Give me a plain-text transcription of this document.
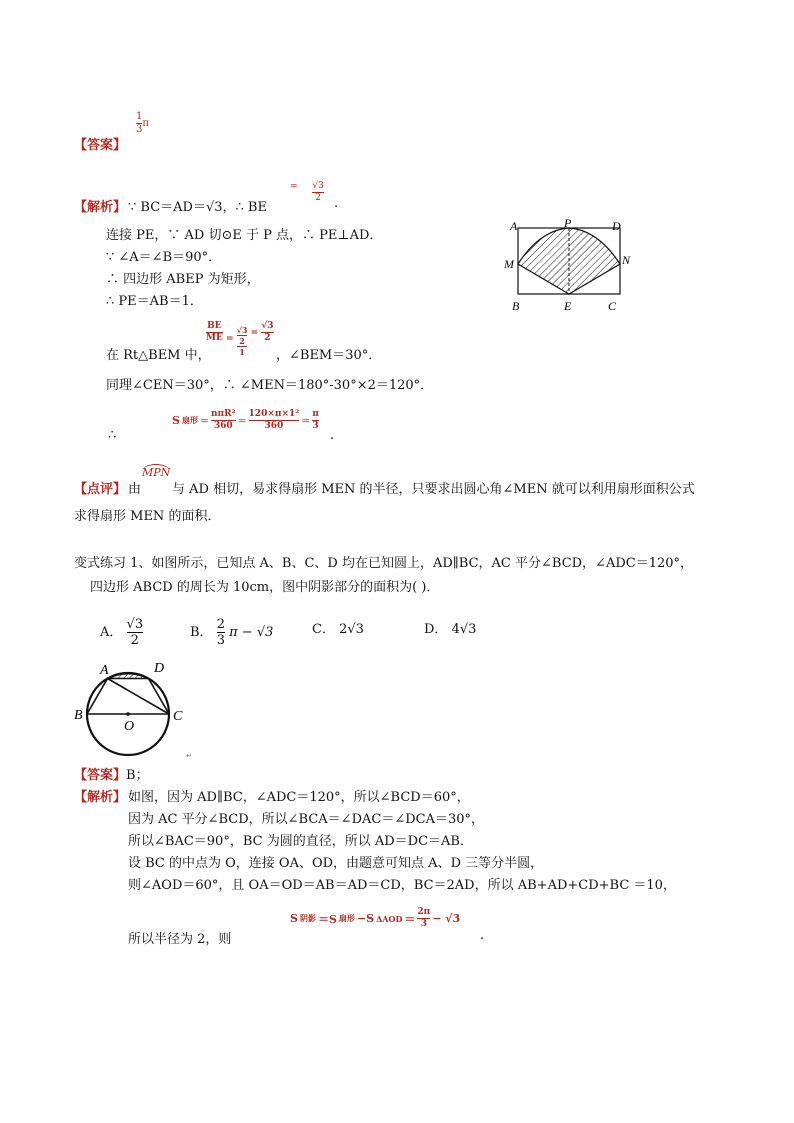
【答案】
$\frac{1}{3}$ π
【解析】 ∵ BC＝AD＝√3，∴ BE
= $\frac{√3}{2}$
.
连接 PE，∵ AD 切⊙E 于 P 点，∴ PE⊥AD．
∵ ∠A＝∠B＝90°．
∴ 四边形 ABEP 为矩形，
∴ PE＝AB＝1．
在 Rt△BEM 中，
$\frac{BE}{ME} = \frac{\frac{√3}{2}}{1} = \frac{√3}{2}$
，∠BEM＝30°．
同理∠CEN＝30°，∴ ∠MEN＝180°-30°×2＝120°．
∴
S 扇形 ＝ $\frac{\text{nπR²}}{360} = \frac{\text{120×π×1²}}{360} = \frac{\pi}{3}$
.
A	P	D
M	N
B	E	C
【点评】 由
MPN
与 AD 相切，易求得扇形 MEN 的半径，只要求出圆心角∠MEN 就可以利用扇形面积公式
求得扇形 MEN 的面积．
变式练习 1、如图所示，已知点 A、B、C、D 均在已知圆上，AD∥BC，AC 平分∠BCD，∠ADC＝120°，
四边形 ABCD 的周长为 10cm，图中阴影部分的面积为( )．
A． $\frac{√3}{2}$	B． $\frac{2}{3}$ π − √3	C． 2√3	D． 4√3
A	D
B
O
C
↵
【答案】B；
【解析】 如图，因为 AD∥BC，∠ADC＝120°，所以∠BCD＝60°，
因为 AC 平分∠BCD，所以∠BCA＝∠DAC＝∠DCA＝30°，
所以∠BAC＝90°，BC 为圆的直径，所以 AD＝DC＝AB．
设 BC 的中点为 O，连接 OA、OD，由题意可知点 A、D 三等分半圆，
则∠AOD＝60°，且 OA＝OD＝AB＝AD＝CD，BC＝2AD，所以 AB+AD+CD+BC ＝10，
所以半径为 2，则
S 阴影 ＝S 扇形 −S $\Delta AOD = \frac{2\pi}{3} - √3$
.
